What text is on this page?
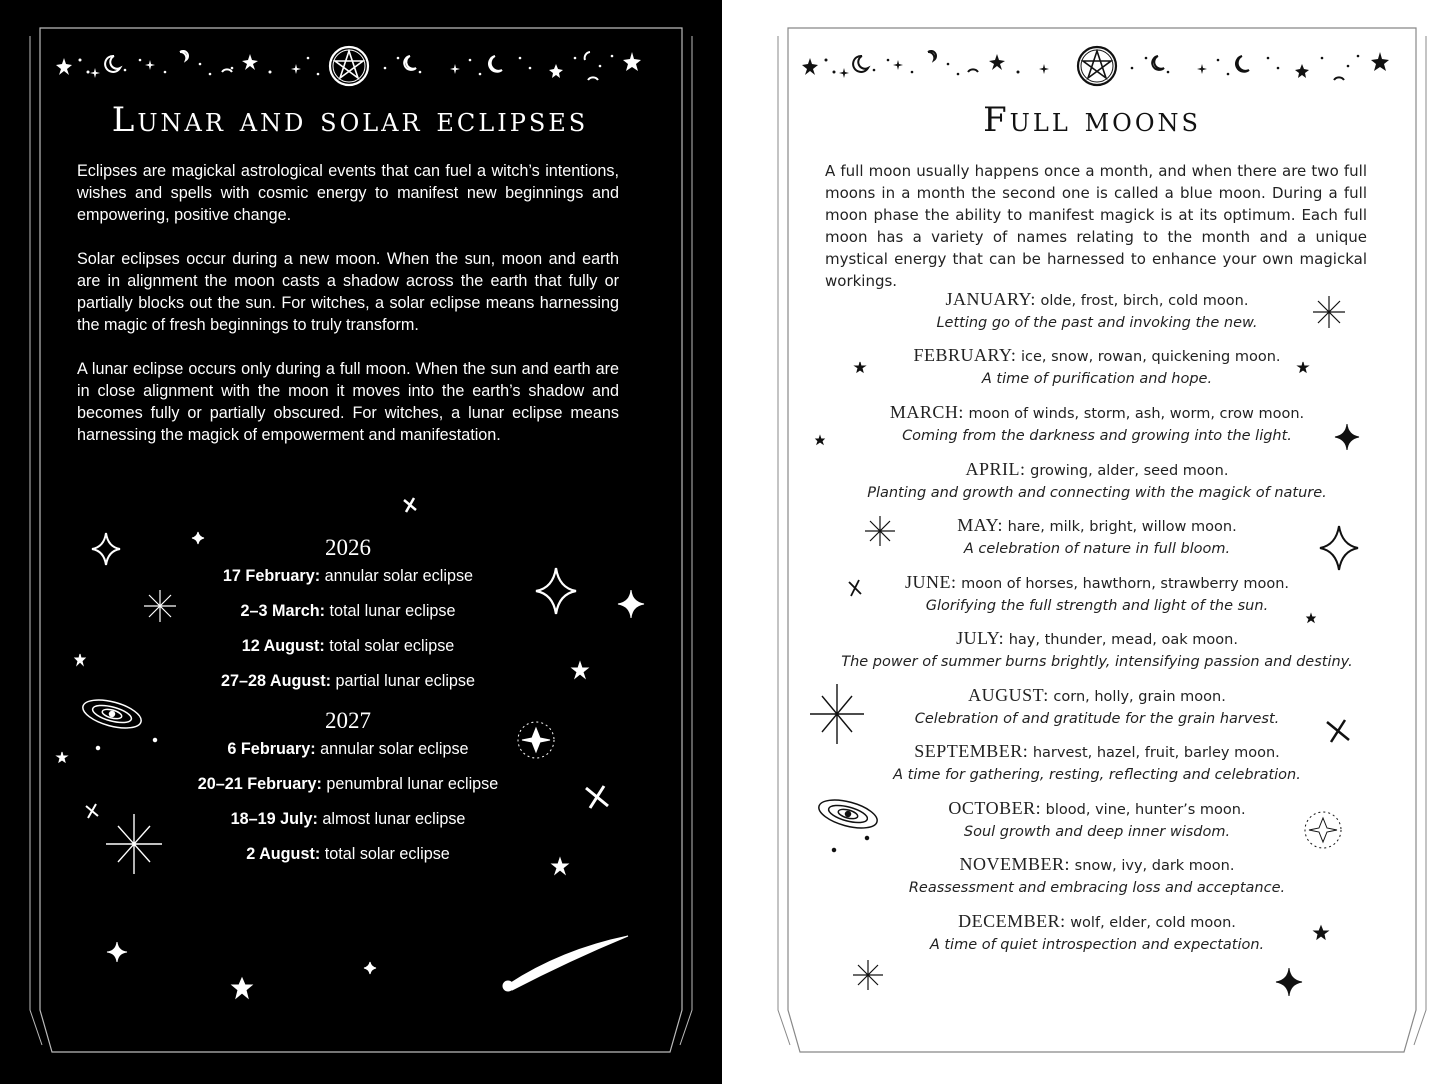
Lunar and solar eclipses

Eclipses are magickal astrological events that can fuel a witch’s intentions, wishes and spells with cosmic energy to manifest new beginnings and empowering, positive change.

Solar eclipses occur during a new moon. When the sun, moon and earth are in alignment the moon casts a shadow across the earth that fully or partially blocks out the sun. For witches, a solar eclipse means harnessing the magic of fresh beginnings to truly transform.

A lunar eclipse occurs only during a full moon. When the sun and earth are in close alignment with the moon it moves into the earth’s shadow and becomes fully or partially obscured. For witches, a lunar eclipse means harnessing the magick of empowerment and manifestation.

2026
17 February: annular solar eclipse
2–3 March: total lunar eclipse
12 August: total solar eclipse
27–28 August: partial lunar eclipse
2027
6 February: annular solar eclipse
20–21 February: penumbral lunar eclipse
18–19 July: almost lunar eclipse
2 August: total solar eclipse
Full moons
A full moon usually happens once a month, and when there are two full moons in a month the second one is called a blue moon. During a full moon phase the ability to manifest magick is at its optimum. Each full moon has a variety of names relating to the month and a unique mystical energy that can be harnessed to enhance your own magickal workings.
JANUARY: olde, frost, birch, cold moon.
Letting go of the past and invoking the new.
FEBRUARY: ice, snow, rowan, quickening moon.
A time of purification and hope.
MARCH: moon of winds, storm, ash, worm, crow moon.
Coming from the darkness and growing into the light.
APRIL: growing, alder, seed moon.
Planting and growth and connecting with the magick of nature.
MAY: hare, milk, bright, willow moon.
A celebration of nature in full bloom.
JUNE: moon of horses, hawthorn, strawberry moon.
Glorifying the full strength and light of the sun.
JULY: hay, thunder, mead, oak moon.
The power of summer burns brightly, intensifying passion and destiny.
AUGUST: corn, holly, grain moon.
Celebration of and gratitude for the grain harvest.
SEPTEMBER: harvest, hazel, fruit, barley moon.
A time for gathering, resting, reflecting and celebration.
OCTOBER: blood, vine, hunter’s moon.
Soul growth and deep inner wisdom.
NOVEMBER: snow, ivy, dark moon.
Reassessment and embracing loss and acceptance.
DECEMBER: wolf, elder, cold moon.
A time of quiet introspection and expectation.
